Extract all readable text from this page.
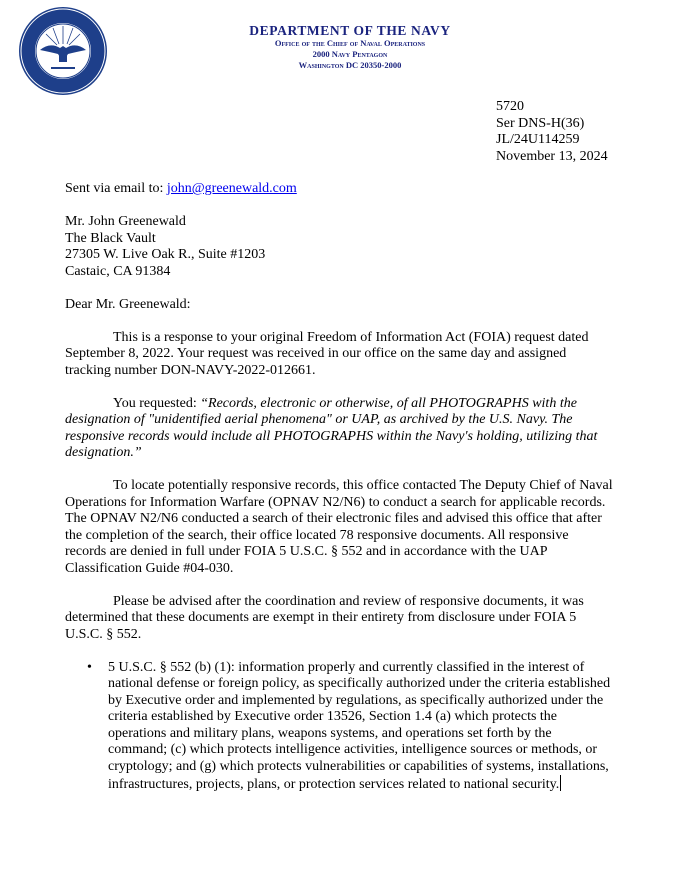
DEPARTMENT OF THE NAVY
Office of the Chief of Naval Operations
2000 Navy Pentagon
Washington DC 20350-2000
5720
Ser DNS-H(36)
JL/24U114259
November 13, 2024
Sent via email to: john@greenewald.com
Mr. John Greenewald
The Black Vault
27305 W. Live Oak R., Suite #1203
Castaic, CA 91384
Dear Mr. Greenewald:
This is a response to your original Freedom of Information Act (FOIA) request dated
September 8, 2022. Your request was received in our office on the same day and assigned
tracking number DON-NAVY-2022-012661.
You requested: “Records, electronic or otherwise, of all PHOTOGRAPHS with the
designation of "unidentified aerial phenomena" or UAP, as archived by the U.S. Navy. The
responsive records would include all PHOTOGRAPHS within the Navy's holding, utilizing that
designation.”
To locate potentially responsive records, this office contacted The Deputy Chief of Naval
Operations for Information Warfare (OPNAV N2/N6) to conduct a search for applicable records.
The OPNAV N2/N6 conducted a search of their electronic files and advised this office that after
the completion of the search, their office located 78 responsive documents. All responsive
records are denied in full under FOIA 5 U.S.C. § 552 and in accordance with the UAP
Classification Guide #04-030.
Please be advised after the coordination and review of responsive documents, it was
determined that these documents are exempt in their entirety from disclosure under FOIA 5
U.S.C. § 552.
• 5 U.S.C. § 552 (b) (1): information properly and currently classified in the interest of
national defense or foreign policy, as specifically authorized under the criteria established
by Executive order and implemented by regulations, as specifically authorized under the
criteria established by Executive order 13526, Section 1.4 (a) which protects the
operations and military plans, weapons systems, and operations set forth by the
command; (c) which protects intelligence activities, intelligence sources or methods, or
cryptology; and (g) which protects vulnerabilities or capabilities of systems, installations,
infrastructures, projects, plans, or protection services related to national security.
